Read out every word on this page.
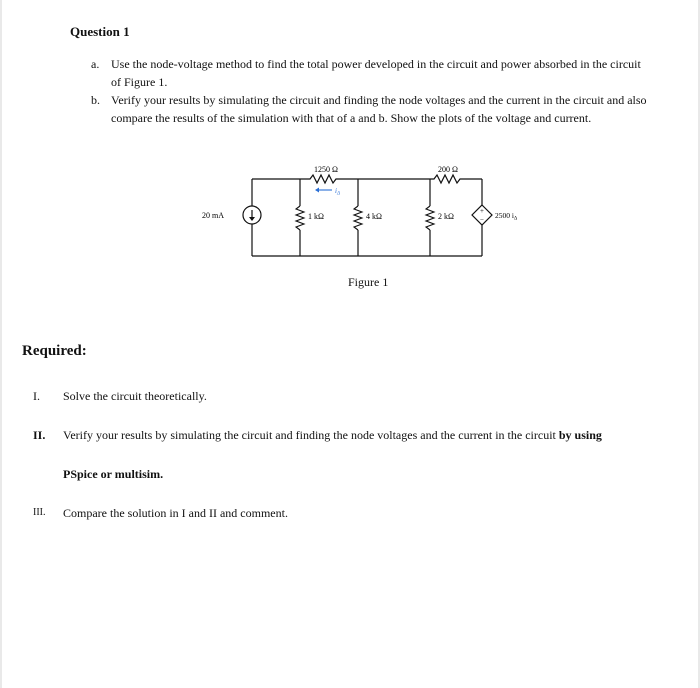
Question 1
a. Use the node-voltage method to find the total power developed in the circuit and power absorbed in the circuit of Figure 1.
b. Verify your results by simulating the circuit and finding the node voltages and the current in the circuit and also compare the results of the simulation with that of a and b. Show the plots of the voltage and current.
+
−
$i_\Delta$
20 mA
1250 Ω
1 kΩ	4 kΩ
200 Ω
2 kΩ	2500 $i_\Delta$
Figure 1
Required:
I. Solve the circuit theoretically.
II. Verify your results by simulating the circuit and finding the node voltages and the current in the circuit by using
PSpice or multisim.
III. Compare the solution in I and II and comment.
